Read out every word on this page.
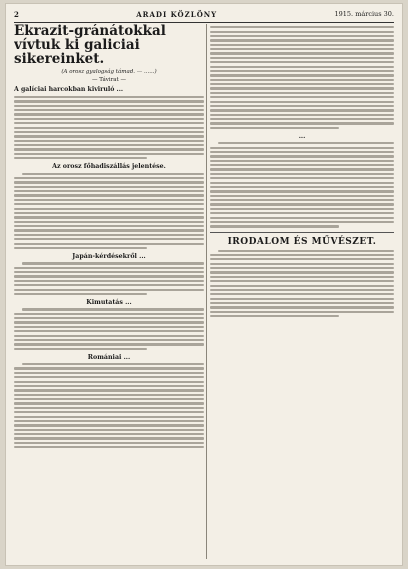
2	ARADI KÖZLÖNY	1915. március 30.
Ekrazit-gránátokkal vívtuk ki galiciai sikereinket.
(A orosz gyalogság támad. — ......)
— Távirat —
A galíciai harcokban kiviruló ...
Az orosz főhadiszállás jelentése.
Japán-kérdésekről ...
Kimutatás ...
Romániai ...
...
IRODALOM ÉS MŰVÉSZET.
